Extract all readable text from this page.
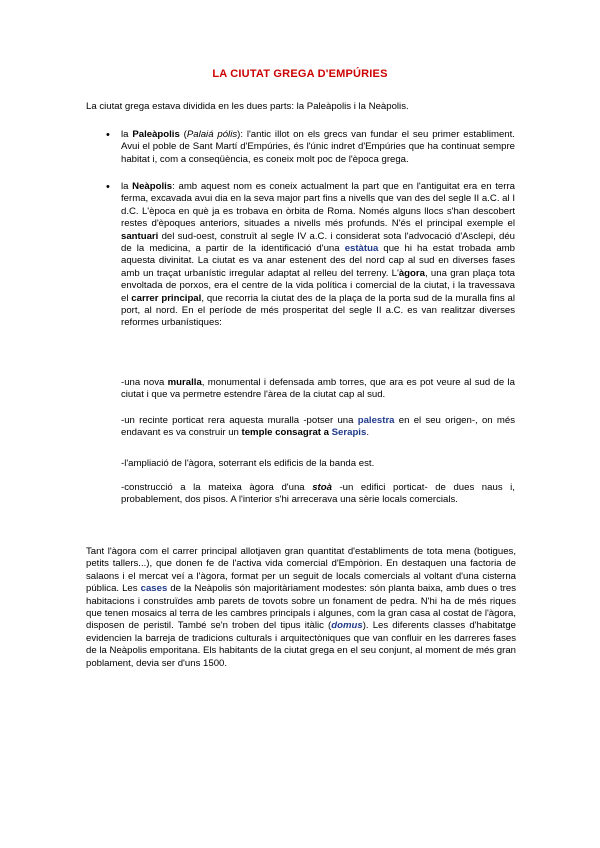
LA CIUTAT GREGA D'EMPÚRIES
La ciutat grega estava dividida en les dues parts: la Paleàpolis i la Neàpolis.
• la Paleàpolis (Palaiá pólis): l'antic illot on els grecs van fundar el seu primer establiment. Avui el poble de Sant Martí d'Empúries, és l'únic indret d'Empúries que ha continuat sempre habitat i, com a conseqüència, es coneix molt poc de l'època grega.
• la Neàpolis: amb aquest nom es coneix actualment la part que en l'antiguitat era en terra ferma, excavada avui dia en la seva major part fins a nivells que van des del segle II a.C. al I d.C. L'època en què ja es trobava en òrbita de Roma. Només alguns llocs s'han descobert restes d'èpoques anteriors, situades a nivells més profunds. N'és el principal exemple el santuari del sud-oest, construït al segle IV a.C. i considerat sota l'advocació d'Asclepi, déu de la medicina, a partir de la identificació d'una estàtua que hi ha estat trobada amb aquesta divinitat. La ciutat es va anar estenent des del nord cap al sud en diverses fases amb un traçat urbanístic irregular adaptat al relleu del terreny. L'àgora, una gran plaça tota envoltada de porxos, era el centre de la vida política i comercial de la ciutat, i la travessava el carrer principal, que recorria la ciutat des de la plaça de la porta sud de la muralla fins al port, al nord. En el període de més prosperitat del segle II a.C. es van realitzar diverses reformes urbanístiques:
-una nova muralla, monumental i defensada amb torres, que ara es pot veure al sud de la ciutat i que va permetre estendre l'àrea de la ciutat cap al sud.
-un recinte porticat rera aquesta muralla -potser una palestra en el seu origen-, on més endavant es va construir un temple consagrat a Serapis.
-l'ampliació de l'àgora, soterrant els edificis de la banda est.
-construcció a la mateixa àgora d'una stoà -un edifici porticat- de dues naus i, probablement, dos pisos. A l'interior s'hi arrecerava una sèrie locals comercials.
Tant l'àgora com el carrer principal allotjaven gran quantitat d'establiments de tota mena (botigues, petits tallers...), que donen fe de l'activa vida comercial d'Empòrion. En destaquen una factoria de salaons i el mercat veí a l'àgora, format per un seguit de locals comercials al voltant d'una cisterna pública. Les cases de la Neàpolis són majoritàriament modestes: són planta baixa, amb dues o tres habitacions i construïdes amb parets de tovots sobre un fonament de pedra. N'hi ha de més riques que tenen mosaics al terra de les cambres principals i algunes, com la gran casa al costat de l'àgora, disposen de peristil. També se'n troben del tipus itàlic (domus). Les diferents classes d'habitatge evidencien la barreja de tradicions culturals i arquitectòniques que van confluir en les darreres fases de la Neàpolis emporitana. Els habitants de la ciutat grega en el seu conjunt, al moment de més gran poblament, devia ser d'uns 1500.
